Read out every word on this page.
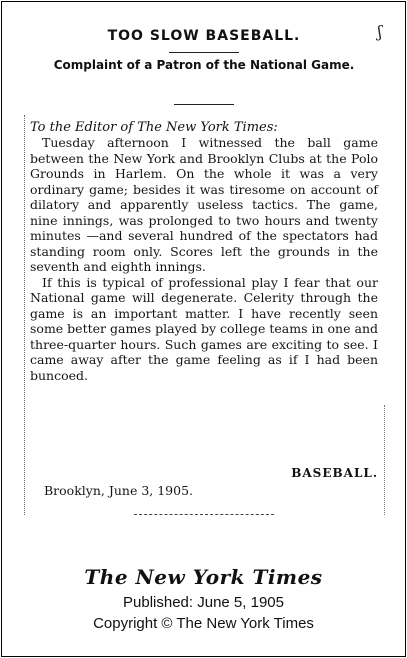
ʃ
TOO SLOW BASEBALL.
Complaint of a Patron of the National Game.
To the Editor of The New York Times:

Tuesday afternoon I witnessed the ball game between the New York and Brooklyn Clubs at the Polo Grounds in Harlem. On the whole it was a very ordinary game; besides it was tiresome on account of dilatory and apparently useless tactics. The game, nine innings, was prolonged to two hours and twenty minutes —and several hundred of the spectators had standing room only. Scores left the grounds in the seventh and eighth innings.

If this is typical of professional play I fear that our National game will degenerate. Celerity through the game is an important matter. I have recently seen some better games played by college teams in one and three-quarter hours. Such games are exciting to see. I came away after the game feeling as if I had been buncoed.

BASEBALL.
Brooklyn, June 3, 1905.
The New York Times
Published: June 5, 1905
Copyright © The New York Times
